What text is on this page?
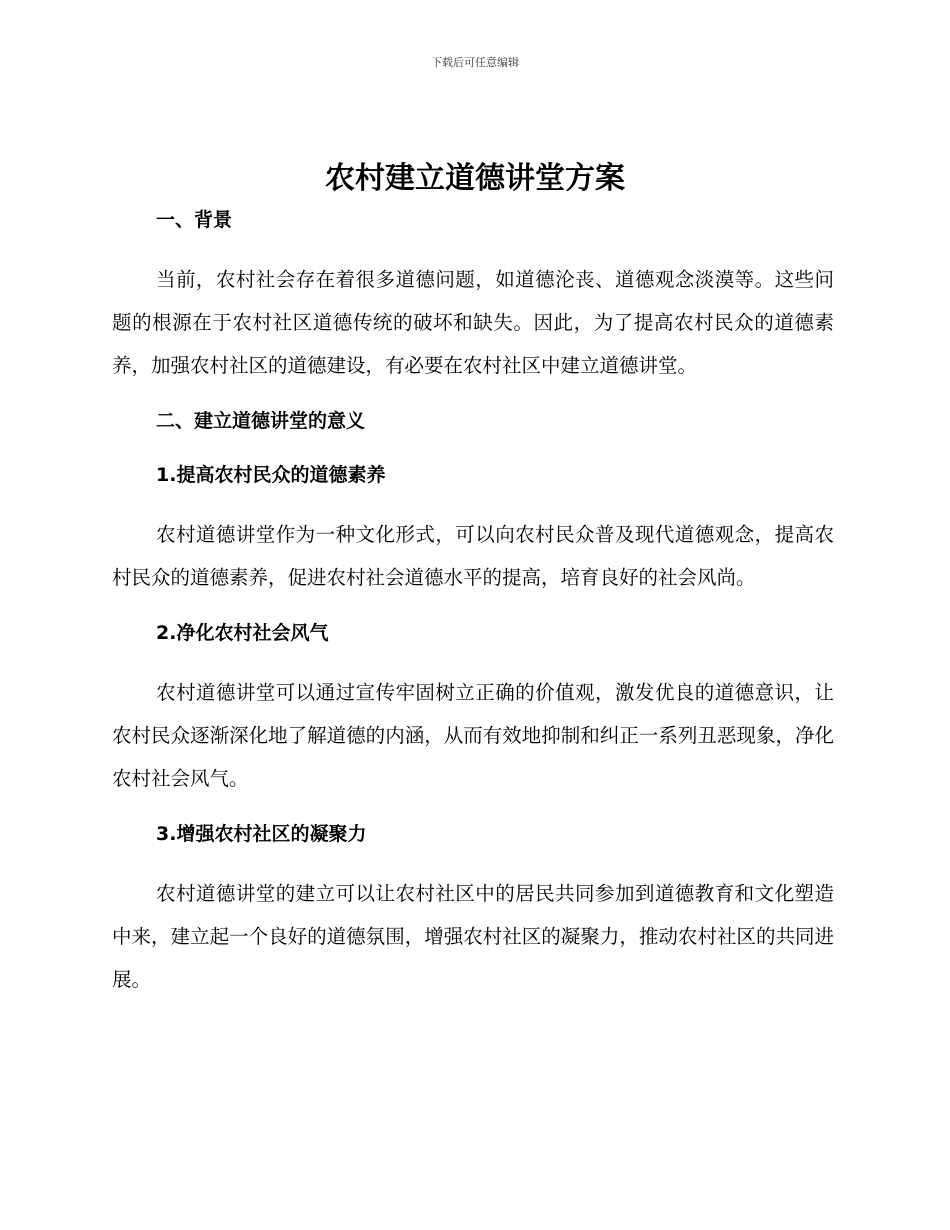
下载后可任意编辑
农村建立道德讲堂方案
一、背景

当前，农村社会存在着很多道德问题，如道德沦丧、道德观念淡漠等。这些问题的根源在于农村社区道德传统的破坏和缺失。因此，为了提高农村民众的道德素养，加强农村社区的道德建设，有必要在农村社区中建立道德讲堂。

二、建立道德讲堂的意义
1.提高农村民众的道德素养

农村道德讲堂作为一种文化形式，可以向农村民众普及现代道德观念，提高农村民众的道德素养，促进农村社会道德水平的提高，培育良好的社会风尚。

2.净化农村社会风气

农村道德讲堂可以通过宣传牢固树立正确的价值观，激发优良的道德意识，让农村民众逐渐深化地了解道德的内涵，从而有效地抑制和纠正一系列丑恶现象，净化农村社会风气。

3.增强农村社区的凝聚力

农村道德讲堂的建立可以让农村社区中的居民共同参加到道德教育和文化塑造中来，建立起一个良好的道德氛围，增强农村社区的凝聚力，推动农村社区的共同进展。
